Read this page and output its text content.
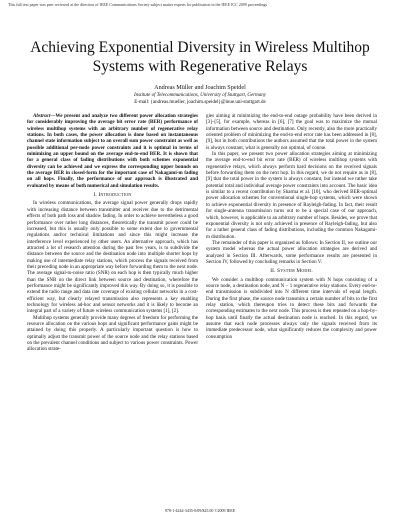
This full text paper was peer reviewed at the direction of IEEE Communications Society subject matter experts for publication in the IEEE ICC 2009 proceedings
Achieving Exponential Diversity in Wireless Multihop Systems with Regenerative Relays
Andreas Müller and Joachim Speidel
Institute of Telecommunications, University of Stuttgart, Germany
E-mail: {andreas.mueller, joachim.speidel}@inue.uni-stuttgart.de
Abstract—We present and analyze two different power allocation strategies for considerably improving the average bit error rate (BER) performance of wireless multihop systems with an arbitrary number of regenerative relay stations. In both cases, the power allocation is done based on instantaneous channel state information subject to an overall sum power constraint as well as possible additional per-node power constraints and it is optimal in terms of minimizing an upper bound on the average end-to-end BER. It is shown that for a general class of fading distributions with both schemes exponential diversity can be achieved and we express the corresponding upper bounds on the average BER in closed-form for the important case of Nakagami-m fading on all hops. Finally, the performance of our approach is illustrated and evaluated by means of both numerical and simulation results.
I. Introduction

In wireless communications, the average signal power generally drops rapidly with increasing distance between transmitter and receiver due to the detrimental effects of both path loss and shadow fading. In order to achieve nevertheless a good performance over rather long distances, theoretically the transmit power could be increased, but this is usually only possible to some extent due to governmental regulations and/or technical limitations and since this might increase the interference level experienced by other users. An alternative approach, which has attracted a lot of research attention during the past few years, is to subdivide the distance between the source and the destination node into multiple shorter hops by making use of intermediate relay stations, which process the signals received from their preceding node in an appropriate way before forwarding them to the next node. The average signal-to-noise ratio (SNR) on each hop is then typically much higher than the SNR on the direct link between source and destination, wherefore the performance might be significantly improved this way. By doing so, it is possible to extend the radio range and data rate coverage of existing cellular networks in a cost-efficient way, but clearly relayed transmission also represents a key enabling technology for wireless ad-hoc and sensor networks and it is likely to become an integral part of a variety of future wireless communication systems [1], [2].

Multihop systems generally provide many degrees of freedom for performing the resource allocation on the various hops and significant performance gains might be attained by doing this properly. A particularly important question is how to optimally adjust the transmit power of the source node and the relay stations based on the prevalent channel conditions and subject to various power constraints. Power allocation strate-

gies aiming at minimizing the end-to-end outage probability have been derived in [3]–[5], for example, whereas in [6], [7] the goal was to maximize the mutual information between source and destination. Only recently, also the more practically oriented problem of minimizing the end-to-end error rate has been addressed in [8], [9], but in both contributions the authors assumed that the total power in the system is always constant, what is generally not optimal, of course.

In this paper, we present two power allocation strategies aiming at minimizing the average end-to-end bit error rate (BER) of wireless multihop systems with regenerative relays, which always perform hard decisions on the received signals before forwarding them on the next hop. In this regard, we do not require as in [8], [9] that the total power in the system is always constant, but instead we rather take potential total and individual average power constraints into account. The basic idea is similar to a recent contribution by Sharma et al. [10], who derived BER-optimal power allocation schemes for conventional single-hop systems, which were shown to achieve exponential diversity in presence of Rayleigh-fading. In fact, their result for single-antenna transmission turns out to be a special case of our approach, which, however, is applicable to an arbitrary number of hops. Besides, we prove that exponential diversity is not only achieved in presence of Rayleigh-fading, but also for a rather general class of fading distributions, including the common Nakagami-m distribution.

The remainder of this paper is organized as follows: In Section II, we outline our system model whereas the actual power allocation strategies are derived and analyzed in Section III. Afterwards, some performance results are presented in Section IV, followed by concluding remarks in Section V.

II. System Model

We consider a multihop communication system with N hops consisting of a source node, a destination node, and N − 1 regenerative relay stations. Every end-to-end transmission is subdivided into N different time intervals of equal length. During the first phase, the source node transmits a certain number of bits to the first relay station, which thereupon tries to detect these bits and forwards the corresponding estimates to the next node. This process is then repeated on a hop-by-hop basis until finally the actual destination node is reached. In this regard, we assume that each node processes always only the signals received from its immediate predecessor node, what significantly reduces the complexity and power consumption

978-1-4244-3435-0/09/$25.00 ©2009 IEEE
